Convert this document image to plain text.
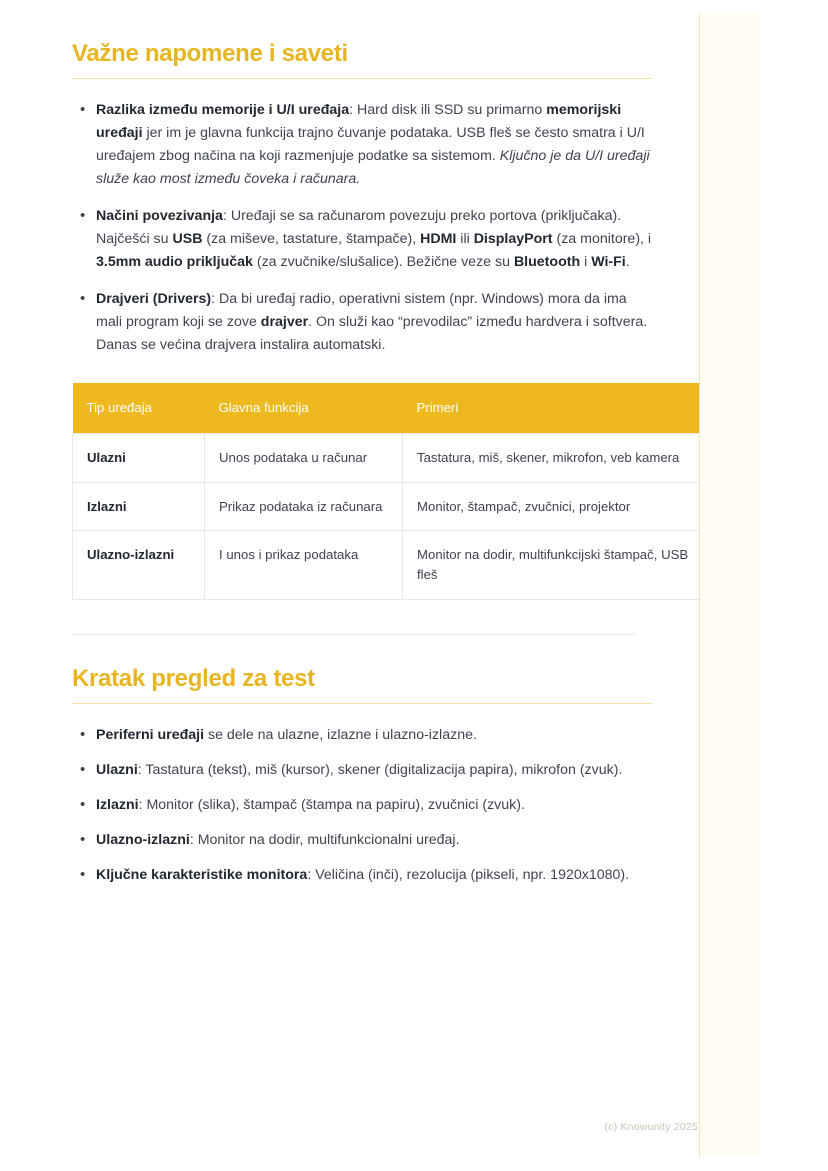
Važne napomene i saveti
• Razlika između memorije i U/I uređaja: Hard disk ili SSD su primarno memorijski uređaji jer im je glavna funkcija trajno čuvanje podataka. USB fleš se često smatra i U/I uređajem zbog načina na koji razmenjuje podatke sa sistemom. Ključno je da U/I uređaji služe kao most između čoveka i računara.
• Načini povezivanja: Uređaji se sa računarom povezuju preko portova (priključaka). Najčešći su USB (za miševe, tastature, štampače), HDMI ili DisplayPort (za monitore), i 3.5mm audio priključak (za zvučnike/slušalice). Bežične veze su Bluetooth i Wi-Fi.
• Drajveri (Drivers): Da bi uređaj radio, operativni sistem (npr. Windows) mora da ima mali program koji se zove drajver. On služi kao “prevodilac” između hardvera i softvera. Danas se većina drajvera instalira automatski.
Tip uređaja	Glavna funkcija	Primeri
Ulazni	Unos podataka u računar	Tastatura, miš, skener, mikrofon, veb kamera
Izlazni	Prikaz podataka iz računara	Monitor, štampač, zvučnici, projektor
Ulazno-izlazni	I unos i prikaz podataka	Monitor na dodir, multifunkcijski štampač, USB fleš
Kratak pregled za test
• Periferni uređaji se dele na ulazne, izlazne i ulazno-izlazne.
• Ulazni: Tastatura (tekst), miš (kursor), skener (digitalizacija papira), mikrofon (zvuk).
• Izlazni: Monitor (slika), štampač (štampa na papiru), zvučnici (zvuk).
• Ulazno-izlazni: Monitor na dodir, multifunkcionalni uređaj.
• Ključne karakteristike monitora: Veličina (inči), rezolucija (pikseli, npr. 1920x1080).
(c) Knowunity 2025
